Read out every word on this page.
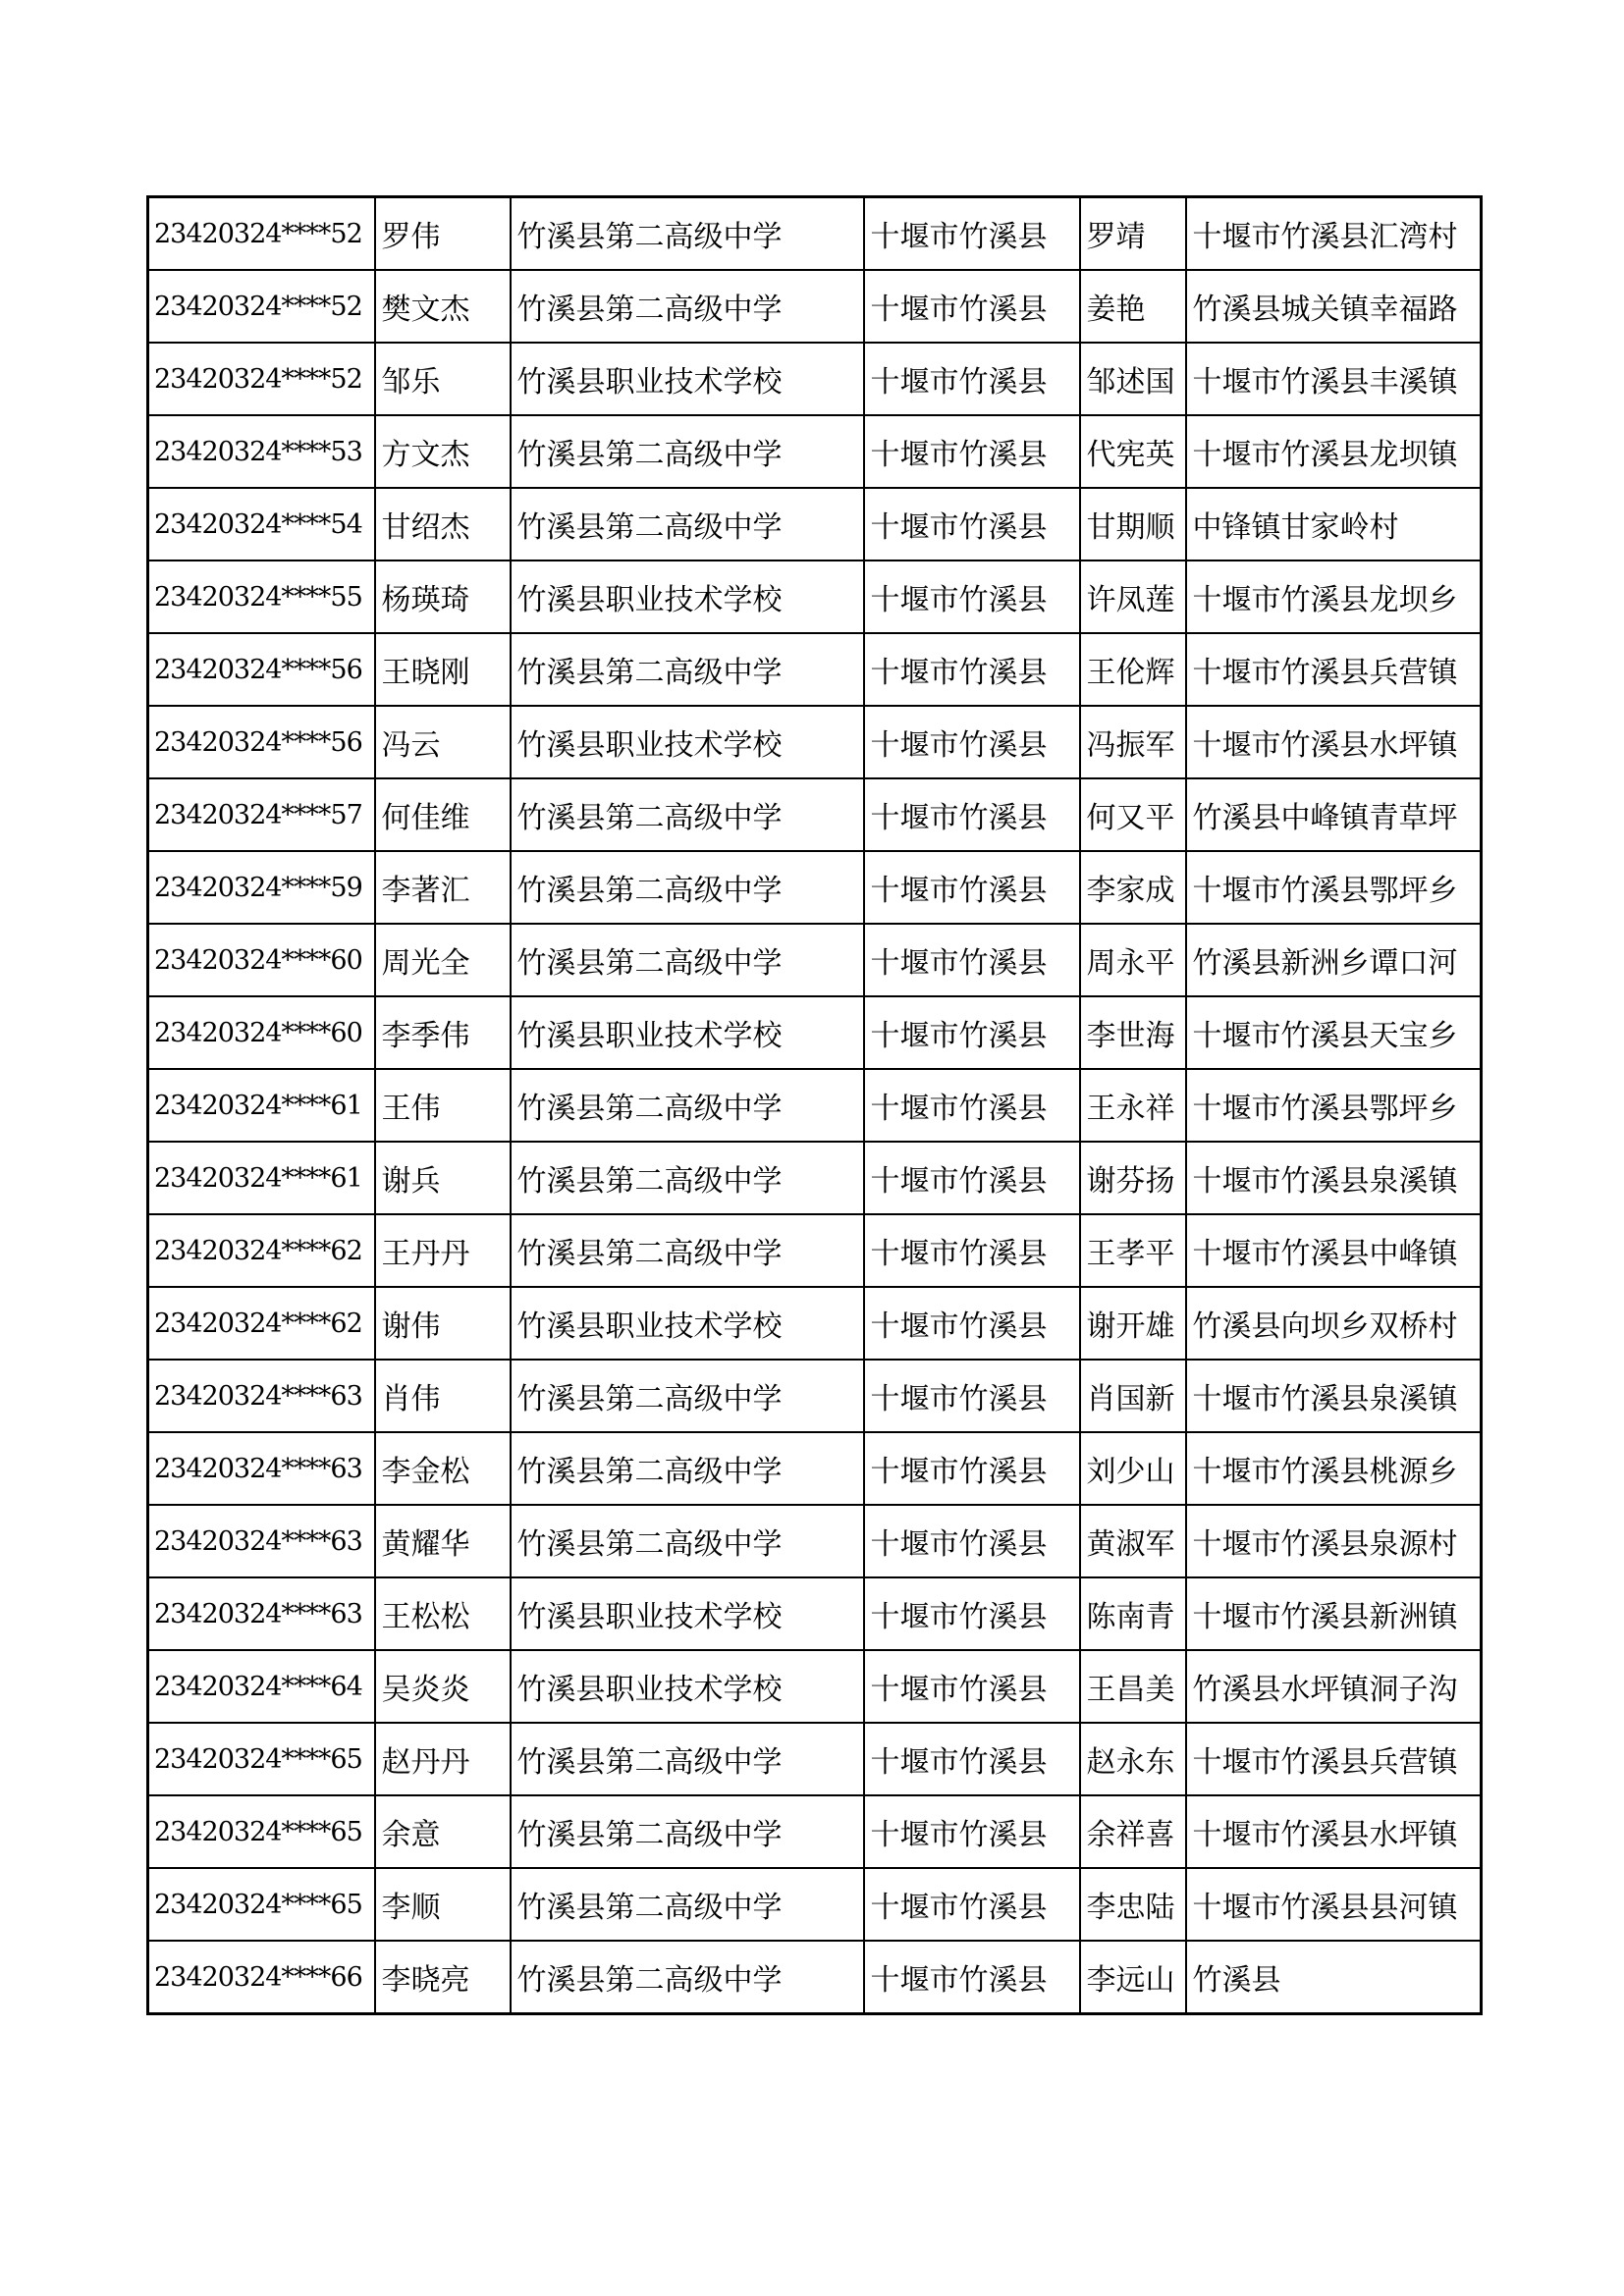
23420324****52	罗伟	竹溪县第二高级中学	十堰市竹溪县	罗靖	十堰市竹溪县汇湾村
23420324****52	樊文杰	竹溪县第二高级中学	十堰市竹溪县	姜艳	竹溪县城关镇幸福路
23420324****52	邹乐	竹溪县职业技术学校	十堰市竹溪县	邹述国	十堰市竹溪县丰溪镇
23420324****53	方文杰	竹溪县第二高级中学	十堰市竹溪县	代宪英	十堰市竹溪县龙坝镇
23420324****54	甘绍杰	竹溪县第二高级中学	十堰市竹溪县	甘期顺	中锋镇甘家岭村
23420324****55	杨瑛琦	竹溪县职业技术学校	十堰市竹溪县	许凤莲	十堰市竹溪县龙坝乡
23420324****56	王晓刚	竹溪县第二高级中学	十堰市竹溪县	王伦辉	十堰市竹溪县兵营镇
23420324****56	冯云	竹溪县职业技术学校	十堰市竹溪县	冯振军	十堰市竹溪县水坪镇
23420324****57	何佳维	竹溪县第二高级中学	十堰市竹溪县	何又平	竹溪县中峰镇青草坪
23420324****59	李著汇	竹溪县第二高级中学	十堰市竹溪县	李家成	十堰市竹溪县鄂坪乡
23420324****60	周光全	竹溪县第二高级中学	十堰市竹溪县	周永平	竹溪县新洲乡谭口河
23420324****60	李季伟	竹溪县职业技术学校	十堰市竹溪县	李世海	十堰市竹溪县天宝乡
23420324****61	王伟	竹溪县第二高级中学	十堰市竹溪县	王永祥	十堰市竹溪县鄂坪乡
23420324****61	谢兵	竹溪县第二高级中学	十堰市竹溪县	谢芬扬	十堰市竹溪县泉溪镇
23420324****62	王丹丹	竹溪县第二高级中学	十堰市竹溪县	王孝平	十堰市竹溪县中峰镇
23420324****62	谢伟	竹溪县职业技术学校	十堰市竹溪县	谢开雄	竹溪县向坝乡双桥村
23420324****63	肖伟	竹溪县第二高级中学	十堰市竹溪县	肖国新	十堰市竹溪县泉溪镇
23420324****63	李金松	竹溪县第二高级中学	十堰市竹溪县	刘少山	十堰市竹溪县桃源乡
23420324****63	黄耀华	竹溪县第二高级中学	十堰市竹溪县	黄淑军	十堰市竹溪县泉源村
23420324****63	王松松	竹溪县职业技术学校	十堰市竹溪县	陈南青	十堰市竹溪县新洲镇
23420324****64	吴炎炎	竹溪县职业技术学校	十堰市竹溪县	王昌美	竹溪县水坪镇洞子沟
23420324****65	赵丹丹	竹溪县第二高级中学	十堰市竹溪县	赵永东	十堰市竹溪县兵营镇
23420324****65	余意	竹溪县第二高级中学	十堰市竹溪县	余祥喜	十堰市竹溪县水坪镇
23420324****65	李顺	竹溪县第二高级中学	十堰市竹溪县	李忠陆	十堰市竹溪县县河镇
23420324****66	李晓亮	竹溪县第二高级中学	十堰市竹溪县	李远山	竹溪县
